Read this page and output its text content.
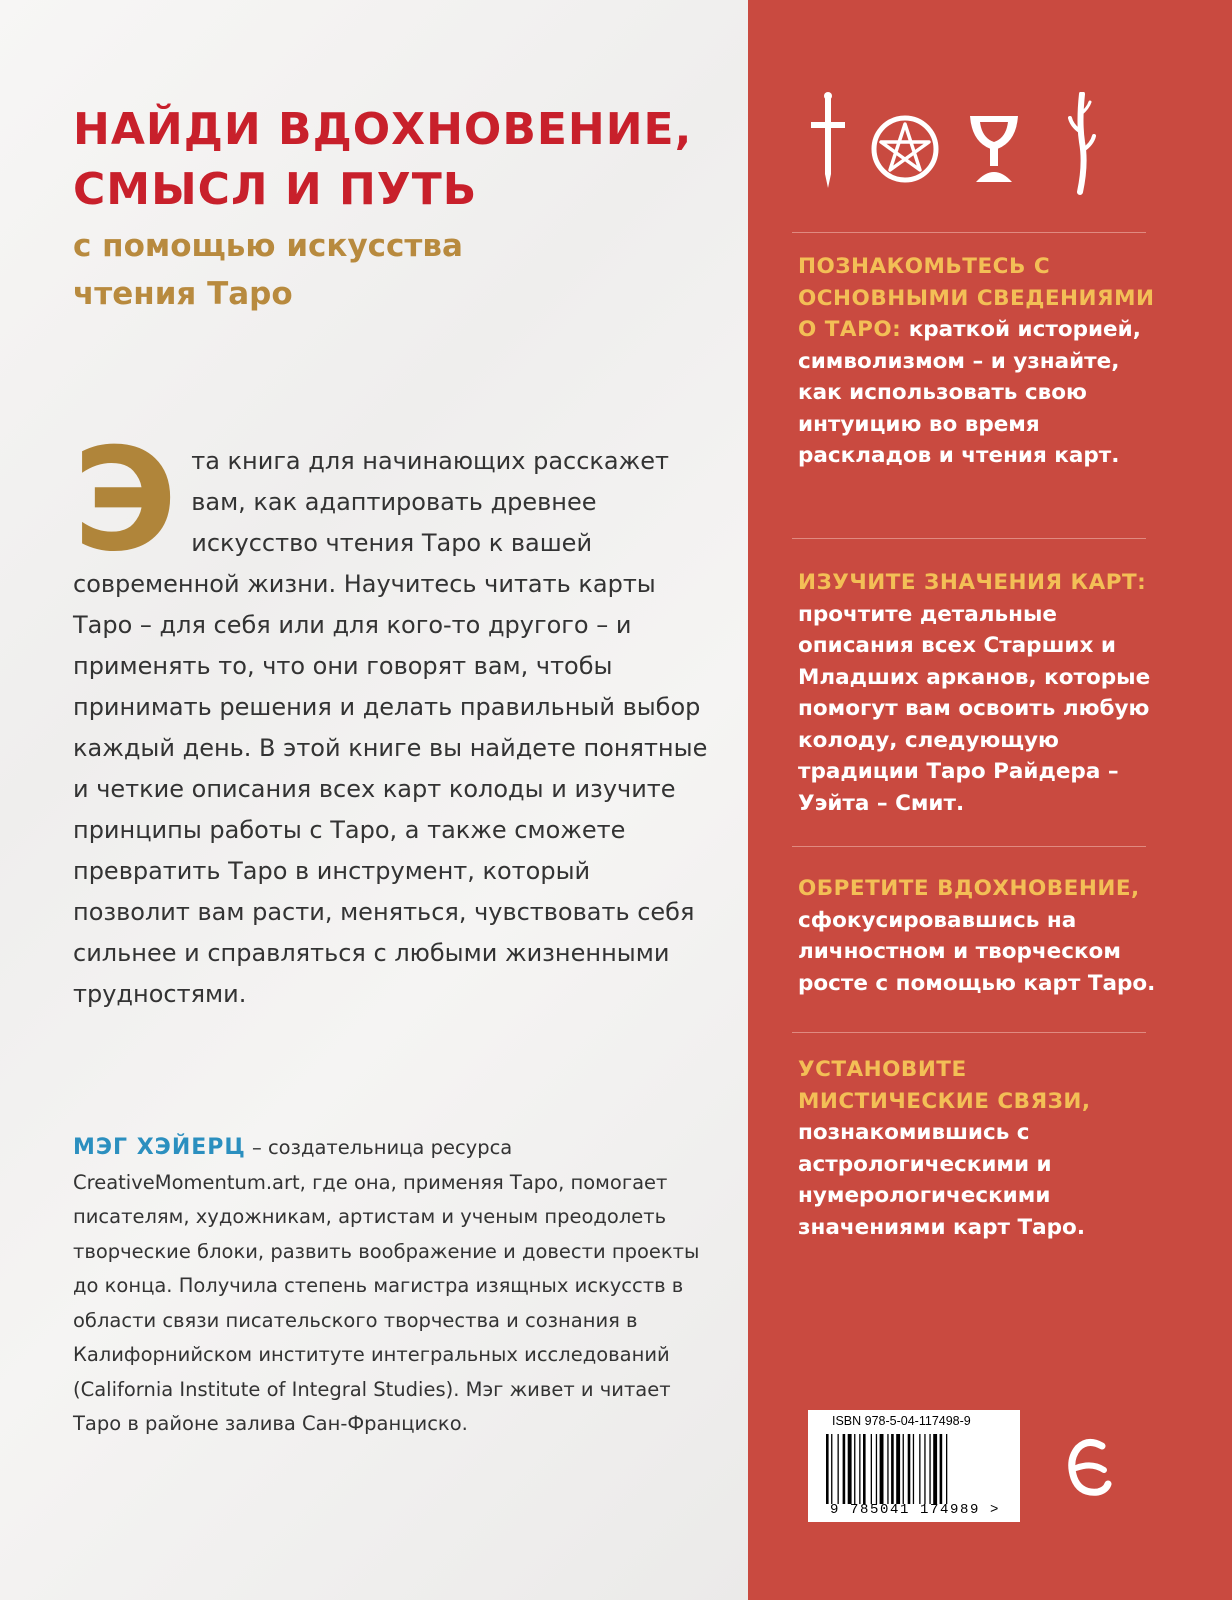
НАЙДИ ВДОХНОВЕНИЕ,
СМЫСЛ И ПУТЬ
с помощью искусства
чтения Таро
Э та книга для начинающих расскажет вам, как адаптировать древнее искусство чтения Таро к вашей современной жизни. Научитесь читать карты Таро – для себя или для кого-то другого – и применять то, что они говорят вам, чтобы принимать решения и делать правильный выбор каждый день. В этой книге вы найдете понятные и четкие описания всех карт колоды и изучите принципы работы с Таро, а также сможете превратить Таро в инструмент, который позволит вам расти, меняться, чувствовать себя сильнее и справляться с любыми жизненными трудностями.
МЭГ ХЭЙЕРЦ – создательница ресурса CreativeMomentum.art, где она, применяя Таро, помогает писателям, художникам, артистам и ученым преодолеть творческие блоки, развить воображение и довести проекты до конца. Получила степень магистра изящных искусств в области связи писательского творчества и сознания в Калифорнийском институте интегральных исследований (California Institute of Integral Studies). Мэг живет и читает Таро в районе залива Сан-Франциско.
ПОЗНАКОМЬТЕСЬ С ОСНОВНЫМИ СВЕДЕНИЯМИ О ТАРО: краткой историей, символизмом – и узнайте, как использовать свою интуицию во время раскладов и чтения карт.
ИЗУЧИТЕ ЗНАЧЕНИЯ КАРТ: прочтите детальные описания всех Старших и Младших арканов, которые помогут вам освоить любую колоду, следующую традиции Таро Райдера – Уэйта – Смит.
ОБРЕТИТЕ ВДОХНОВЕНИЕ, сфокусировавшись на личностном и творческом росте с помощью карт Таро.
УСТАНОВИТЕ МИСТИЧЕСКИЕ СВЯЗИ, познакомившись с астрологическими и нумерологическими значениями карт Таро.
ISBN 978-5-04-117498-9
9 785041 174989 >
